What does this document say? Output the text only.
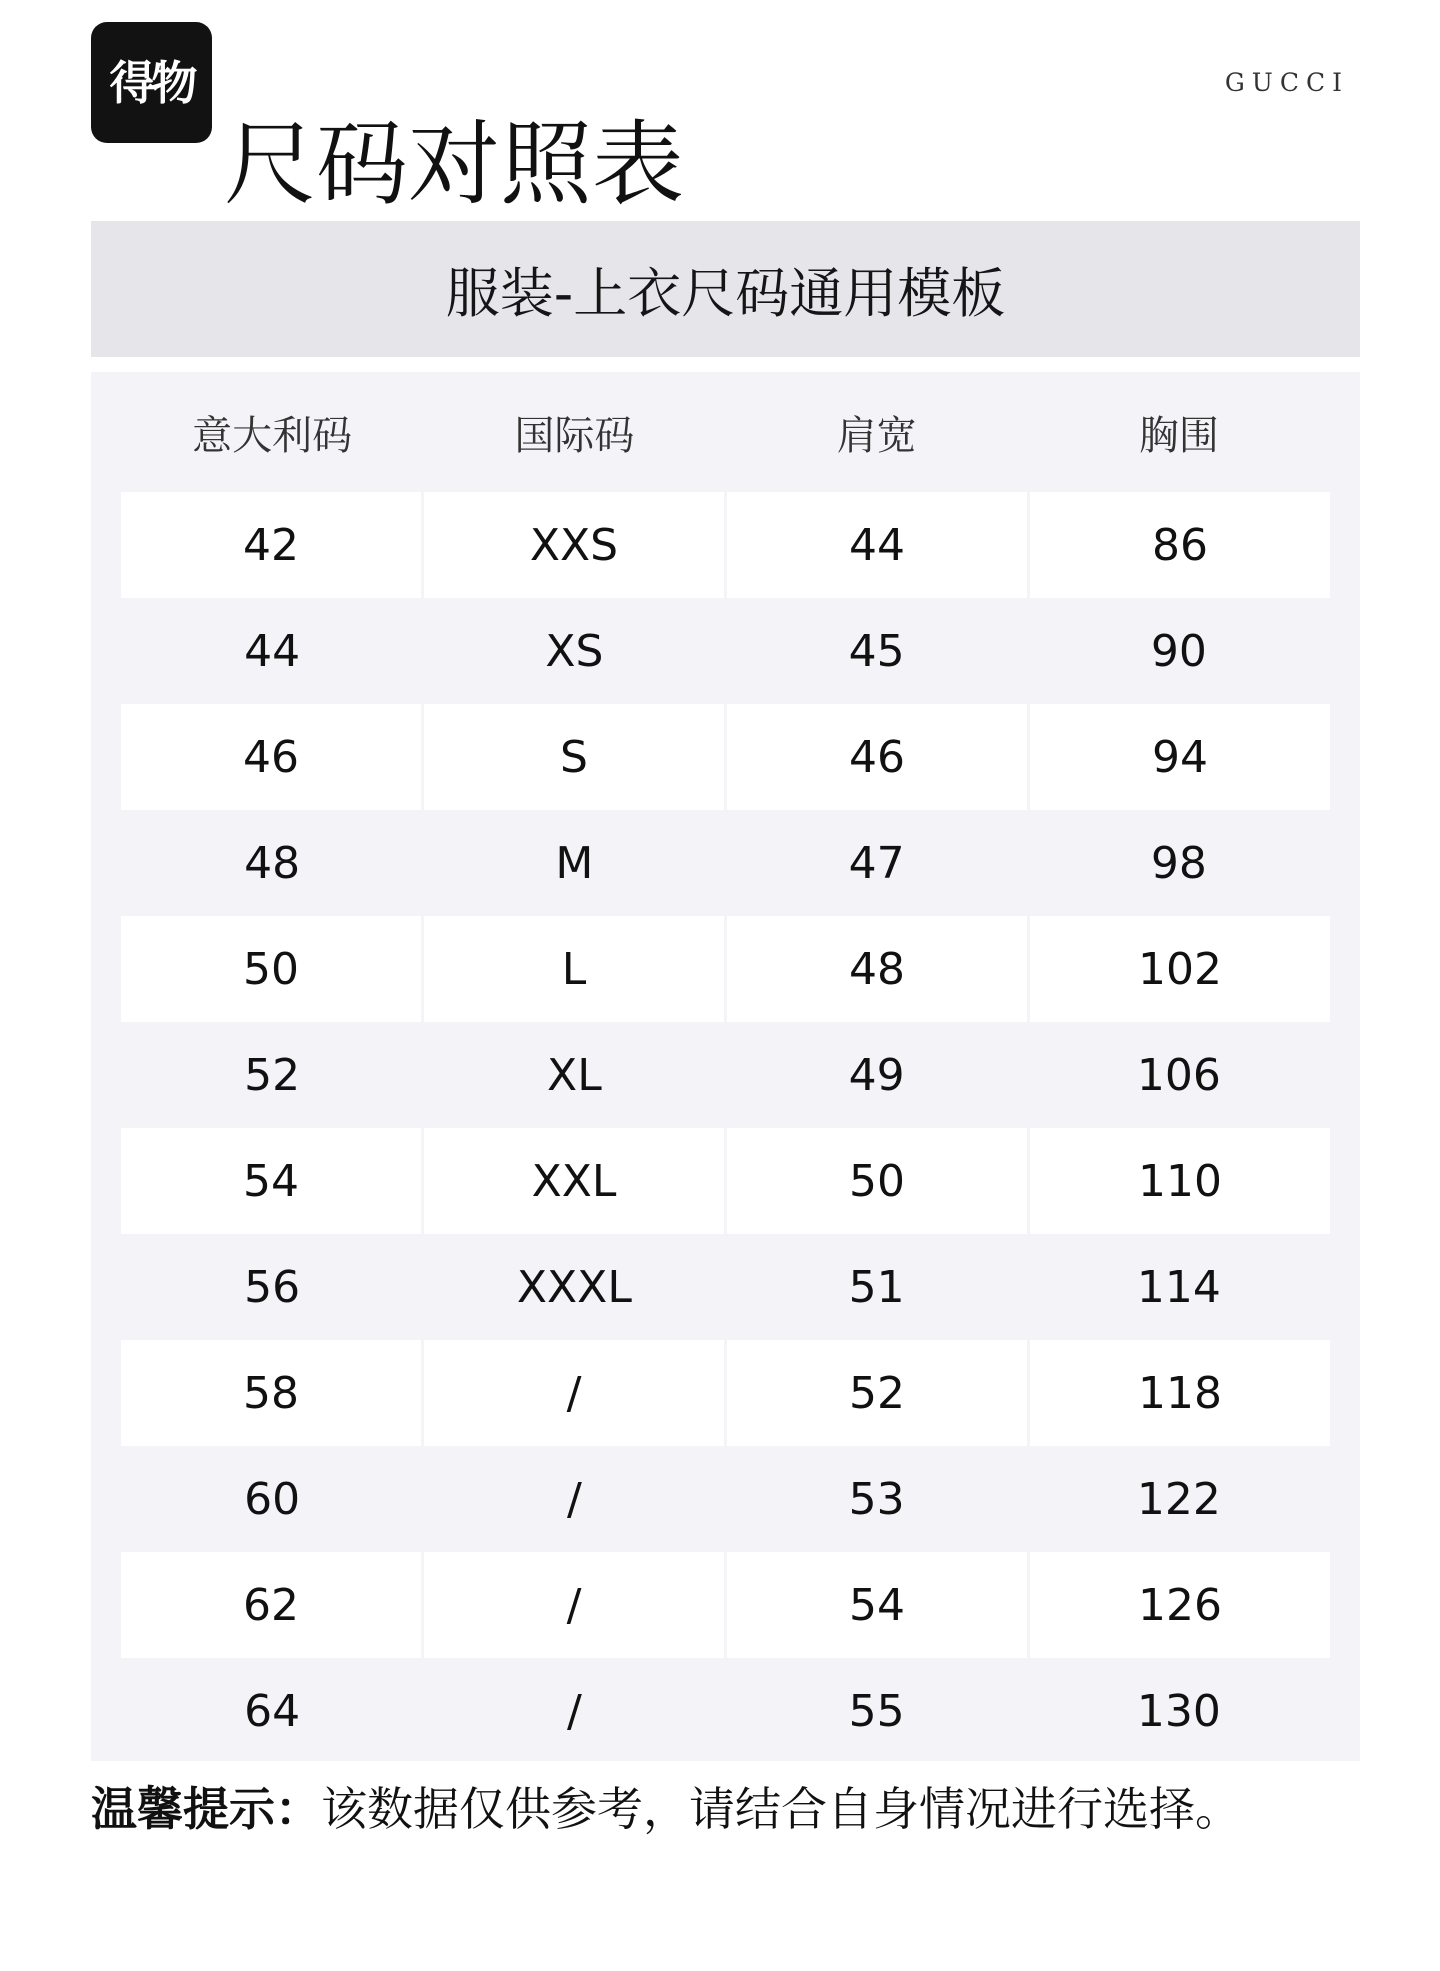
得物
尺码对照表
GUCCI
服装-上衣尺码通用模板
意大利码	国际码	肩宽	胸围
42	XXS	44	86
44	XS	45	90
46	S	46	94
48	M	47	98
50	L	48	102
52	XL	49	106
54	XXL	50	110
56	XXXL	51	114
58	/	52	118
60	/	53	122
62	/	54	126
64	/	55	130
温馨提示：该数据仅供参考，请结合自身情况进行选择。
